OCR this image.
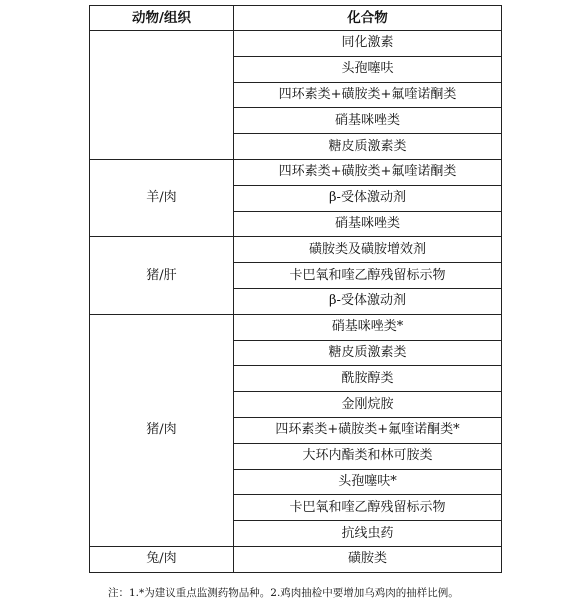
动物/组织	化合物
	同化激素
	头孢噻呋
	四环素类+磺胺类+氟喹诺酮类
	硝基咪唑类
	糖皮质激素类
羊/肉	四环素类+磺胺类+氟喹诺酮类
	β-受体激动剂
	硝基咪唑类
猪/肝	磺胺类及磺胺增效剂
	卡巴氧和喹乙醇残留标示物
	β-受体激动剂
猪/肉	硝基咪唑类*
	糖皮质激素类
	酰胺醇类
	金刚烷胺
	四环素类+磺胺类+氟喹诺酮类*
	大环内酯类和林可胺类
	头孢噻呋*
	卡巴氧和喹乙醇残留标示物
	抗线虫药
兔/肉	磺胺类
注：1.*为建议重点监测药物品种。2.鸡肉抽检中要增加乌鸡肉的抽样比例。
